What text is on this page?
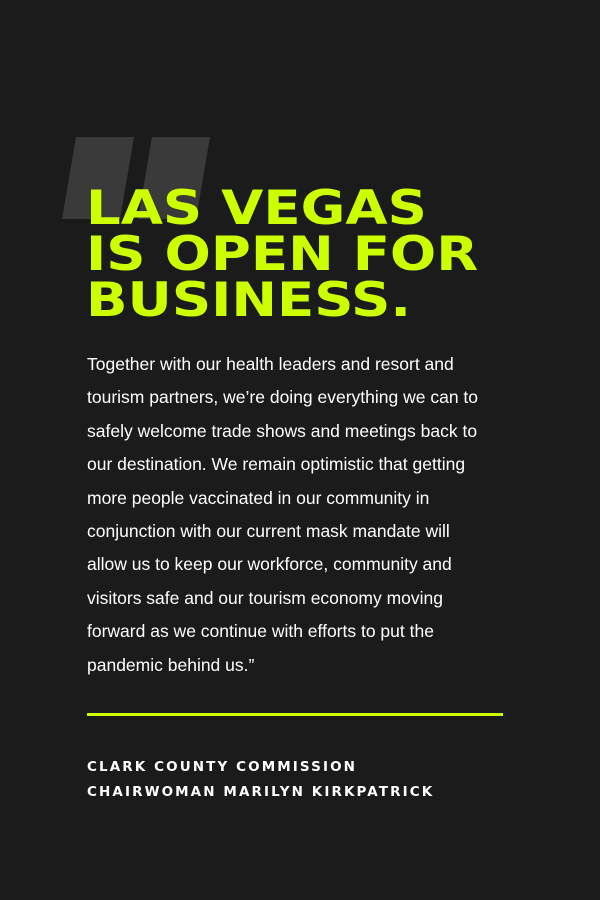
LAS VEGAS
IS OPEN FOR
BUSINESS.

Together with our health leaders and resort and
tourism partners, we’re doing everything we can to
safely welcome trade shows and meetings back to
our destination. We remain optimistic that getting
more people vaccinated in our community in
conjunction with our current mask mandate will
allow us to keep our workforce, community and
visitors safe and our tourism economy moving
forward as we continue with efforts to put the
pandemic behind us.”

CLARK COUNTY COMMISSION
CHAIRWOMAN MARILYN KIRKPATRICK
